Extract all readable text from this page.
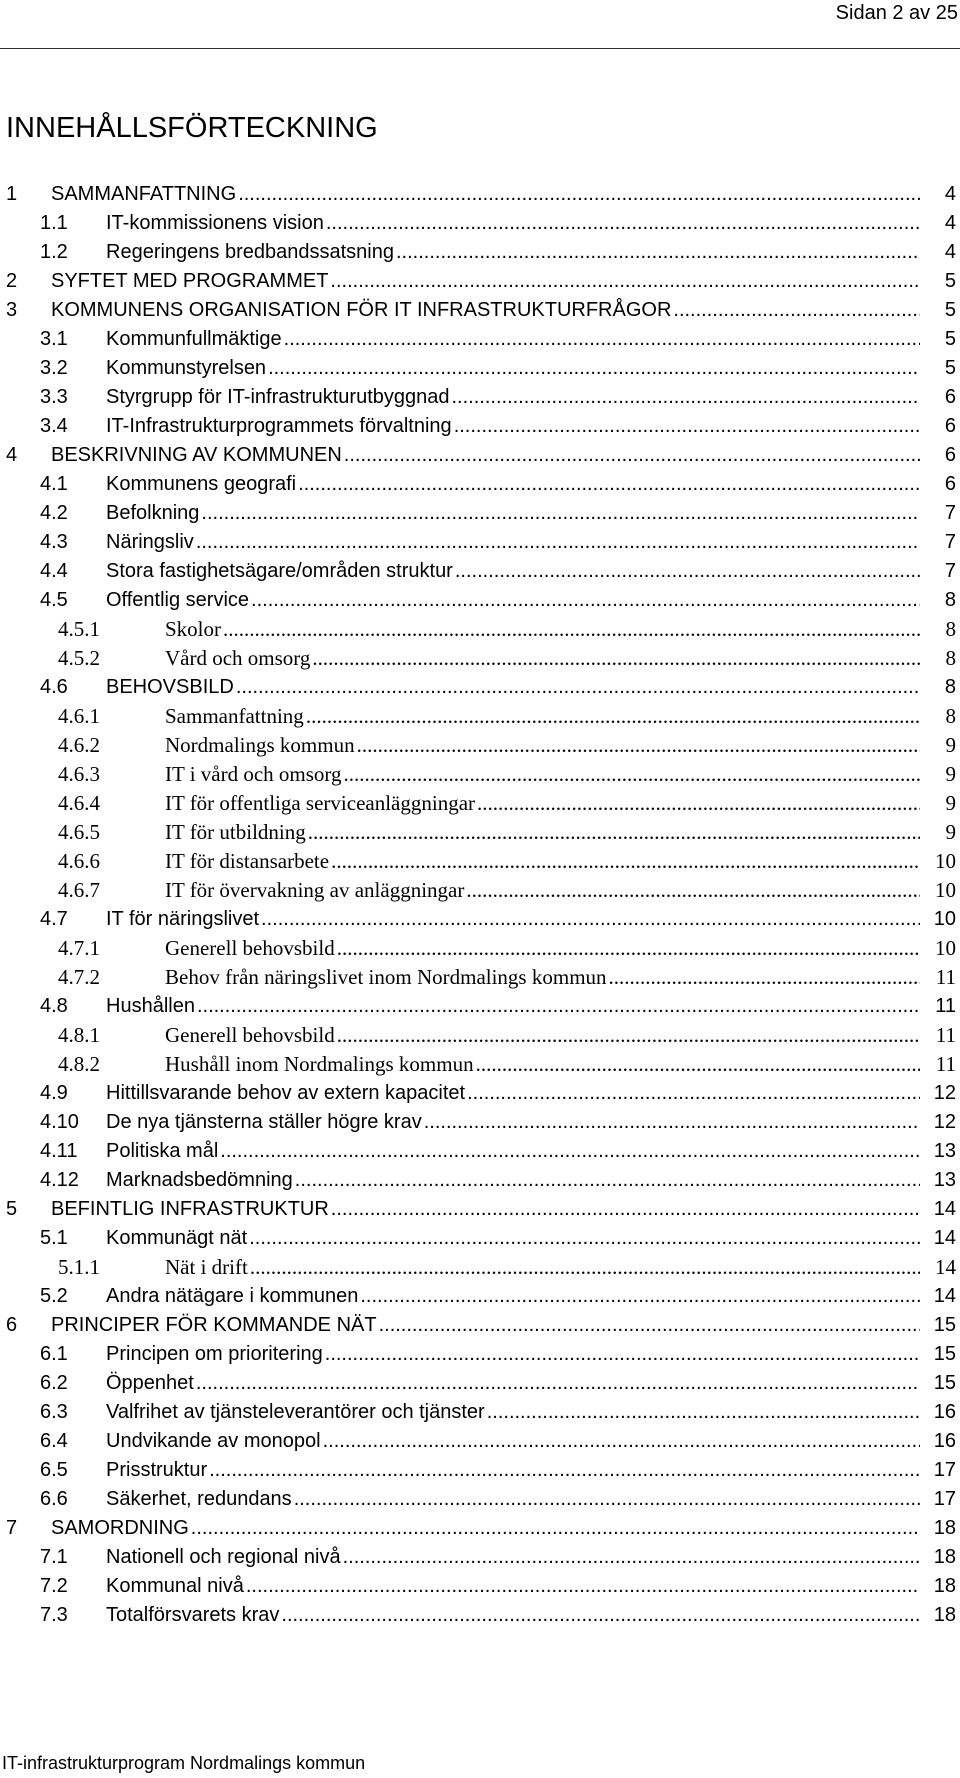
Sidan 2 av 25
INNEHÅLLSFÖRTECKNING
1 SAMMANFATTNING .....	4
1.1 IT-kommissionens vision .....	4
1.2 Regeringens bredbandssatsning .....	4
2 SYFTET MED PROGRAMMET .....	5
3 KOMMUNENS ORGANISATION FÖR IT INFRASTRUKTURFRÅGOR .....	5
3.1 Kommunfullmäktige .....	5
3.2 Kommunstyrelsen .....	5
3.3 Styrgrupp för IT-infrastrukturutbyggnad .....	6
3.4 IT-Infrastrukturprogrammets förvaltning .....	6
4 BESKRIVNING AV KOMMUNEN .....	6
4.1 Kommunens geografi .....	6
4.2 Befolkning .....	7
4.3 Näringsliv .....	7
4.4 Stora fastighetsägare/områden struktur .....	7
4.5 Offentlig service .....	8
4.5.1	Skolor .....	8
4.5.2	Vård och omsorg .....	8
4.6 BEHOVSBILD .....	8
4.6.1	Sammanfattning .....	8
4.6.2	Nordmalings kommun .....	9
4.6.3	IT i vård och omsorg .....	9
4.6.4	IT för offentliga serviceanläggningar .....	9
4.6.5	IT för utbildning .....	9
4.6.6	IT för distansarbete .....	10
4.6.7	IT för övervakning av anläggningar .....	10
4.7 IT för näringslivet .....	10
4.7.1	Generell behovsbild .....	10
4.7.2	Behov från näringslivet inom Nordmalings kommun .....	11
4.8 Hushållen .....	11
4.8.1	Generell behovsbild .....	11
4.8.2	Hushåll inom Nordmalings kommun .....	11
4.9 Hittillsvarande behov av extern kapacitet .....	12
4.10 De nya tjänsterna ställer högre krav .....	12
4.11 Politiska mål .....	13
4.12 Marknadsbedömning .....	13
5 BEFINTLIG INFRASTRUKTUR .....	14
5.1 Kommunägt nät .....	14
5.1.1	Nät i drift .....	14
5.2 Andra nätägare i kommunen .....	14
6 PRINCIPER FÖR KOMMANDE NÄT .....	15
6.1 Principen om prioritering .....	15
6.2 Öppenhet .....	15
6.3 Valfrihet av tjänsteleverantörer och tjänster .....	16
6.4 Undvikande av monopol .....	16
6.5 Prisstruktur .....	17
6.6 Säkerhet, redundans .....	17
7 SAMORDNING .....	18
7.1 Nationell och regional nivå .....	18
7.2 Kommunal nivå .....	18
7.3 Totalförsvarets krav .....	18
IT-infrastrukturprogram Nordmalings kommun
